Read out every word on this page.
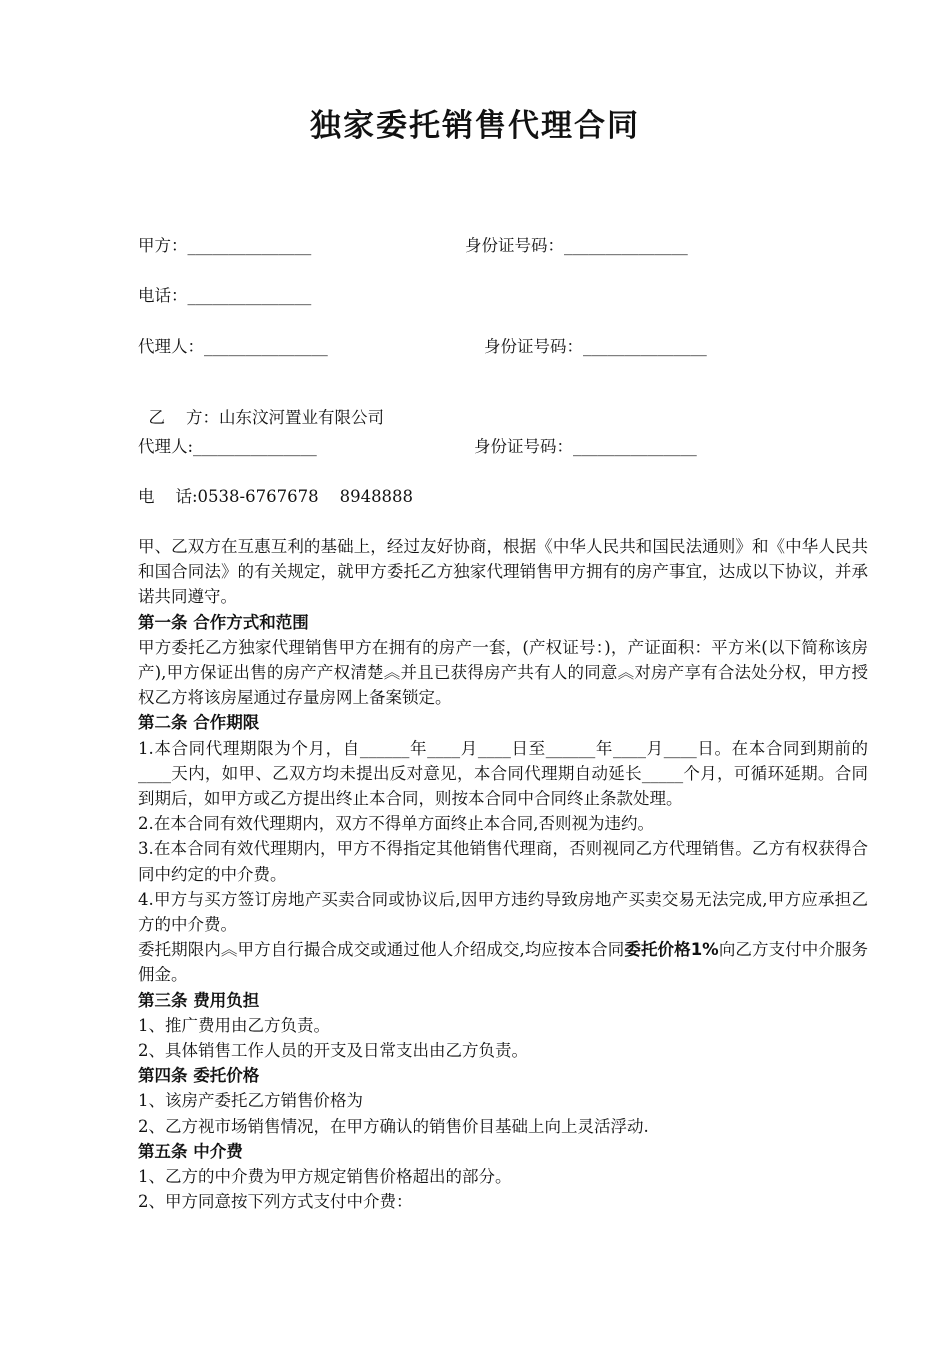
独家委托销售代理合同
甲方：_______________	身份证号码：_______________
电话：_______________
代理人：_______________	身份证号码：_______________

乙    方：山东汶河置业有限公司

代理人:_______________	身份证号码：_______________
电    话:0538-6767678    8948888

甲、乙双方在互惠互利的基础上，经过友好协商，根据《中华人民共和国民法通则》和《中华人民共和国合同法》的有关规定，就甲方委托乙方独家代理销售甲方拥有的房产事宜，达成以下协议，并承诺共同遵守。

第一条 合作方式和范围

甲方委托乙方独家代理销售甲方在拥有的房产一套，(产权证号：)，产证面积：平方米(以下简称该房产),甲方保证出售的房产产权清楚︽并且已获得房产共有人的同意︽对房产享有合法处分权，甲方授权乙方将该房屋通过存量房网上备案锁定。

第二条 合作期限

1.本合同代理期限为个月，自______年____月____日至______年____月____日。在本合同到期前的____天内，如甲、乙双方均未提出反对意见，本合同代理期自动延长_____个月，可循环延期。合同到期后，如甲方或乙方提出终止本合同，则按本合同中合同终止条款处理。

2.在本合同有效代理期内，双方不得单方面终止本合同,否则视为违约。

3.在本合同有效代理期内，甲方不得指定其他销售代理商，否则视同乙方代理销售。乙方有权获得合同中约定的中介费。

4.甲方与买方签订房地产买卖合同或协议后,因甲方违约导致房地产买卖交易无法完成,甲方应承担乙方的中介费。

委托期限内︽甲方自行撮合成交或通过他人介绍成交,均应按本合同委托价格1%向乙方支付中介服务佣金。

第三条 费用负担

1、推广费用由乙方负责。

2、具体销售工作人员的开支及日常支出由乙方负责。

第四条 委托价格

1、该房产委托乙方销售价格为

2、乙方视市场销售情况，在甲方确认的销售价目基础上向上灵活浮动.

第五条 中介费

1、乙方的中介费为甲方规定销售价格超出的部分。

2、甲方同意按下列方式支付中介费：
